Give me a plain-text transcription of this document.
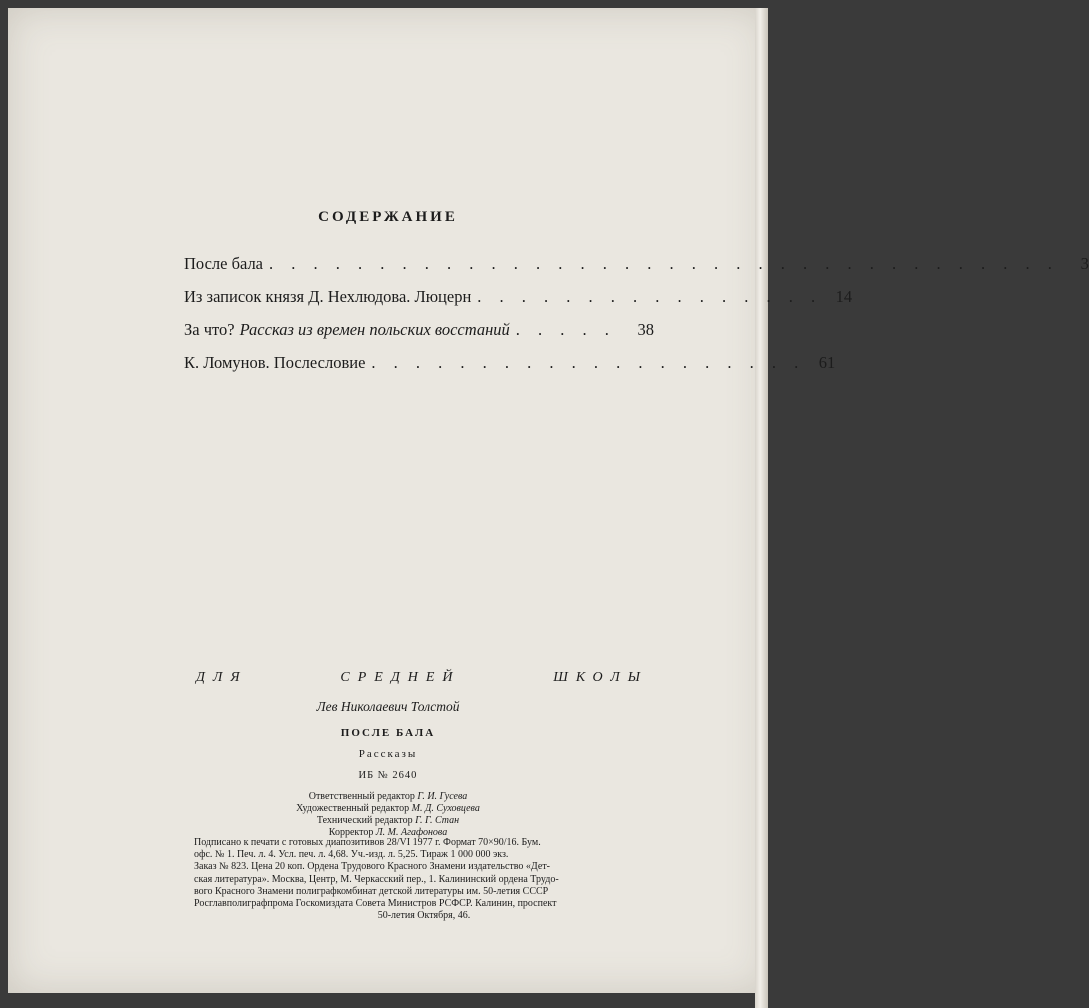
СОДЕРЖАНИЕ
После бала . . . . . . . . . . . . . . . . . . . . . . . . . . . . . . . . . . . .	3
Из записок князя Д. Нехлюдова. Люцерн . . . . . . . . . . . . . . . . 14
За что? Рассказ из времен польских восстаний . . . . .	38
К. Ломунов. Послесловие . . . . . . . . . . . . . . . . . . . . 61
ДЛЯ	СРЕДНЕЙ	ШКОЛЫ
Лев Николаевич Толстой
ПОСЛЕ БАЛА
Рассказы
ИБ № 2640
Ответственный редактор Г. И. Гусева
Художественный редактор М. Д. Суховцева
Технический редактор Г. Г. Стан
Корректор Л. М. Агафонова
Подписано к печати с готовых диапозитивов 28/VI 1977 г. Формат 70×90/16. Бум.
офс. № 1. Печ. л. 4. Усл. печ. л. 4,68. Уч.-изд. л. 5,25. Тираж 1 000 000 экз.
Заказ № 823. Цена 20 коп. Ордена Трудового Красного Знамени издательство «Дет-
ская литература». Москва, Центр, М. Черкасский пер., 1. Калининский ордена Трудо-
вого Красного Знамени полиграфкомбинат детской литературы им. 50-летия СССР
Росглавполиграфпрома Госкомиздата Совета Министров РСФСР. Калинин, проспект
50-летия Октября, 46.
